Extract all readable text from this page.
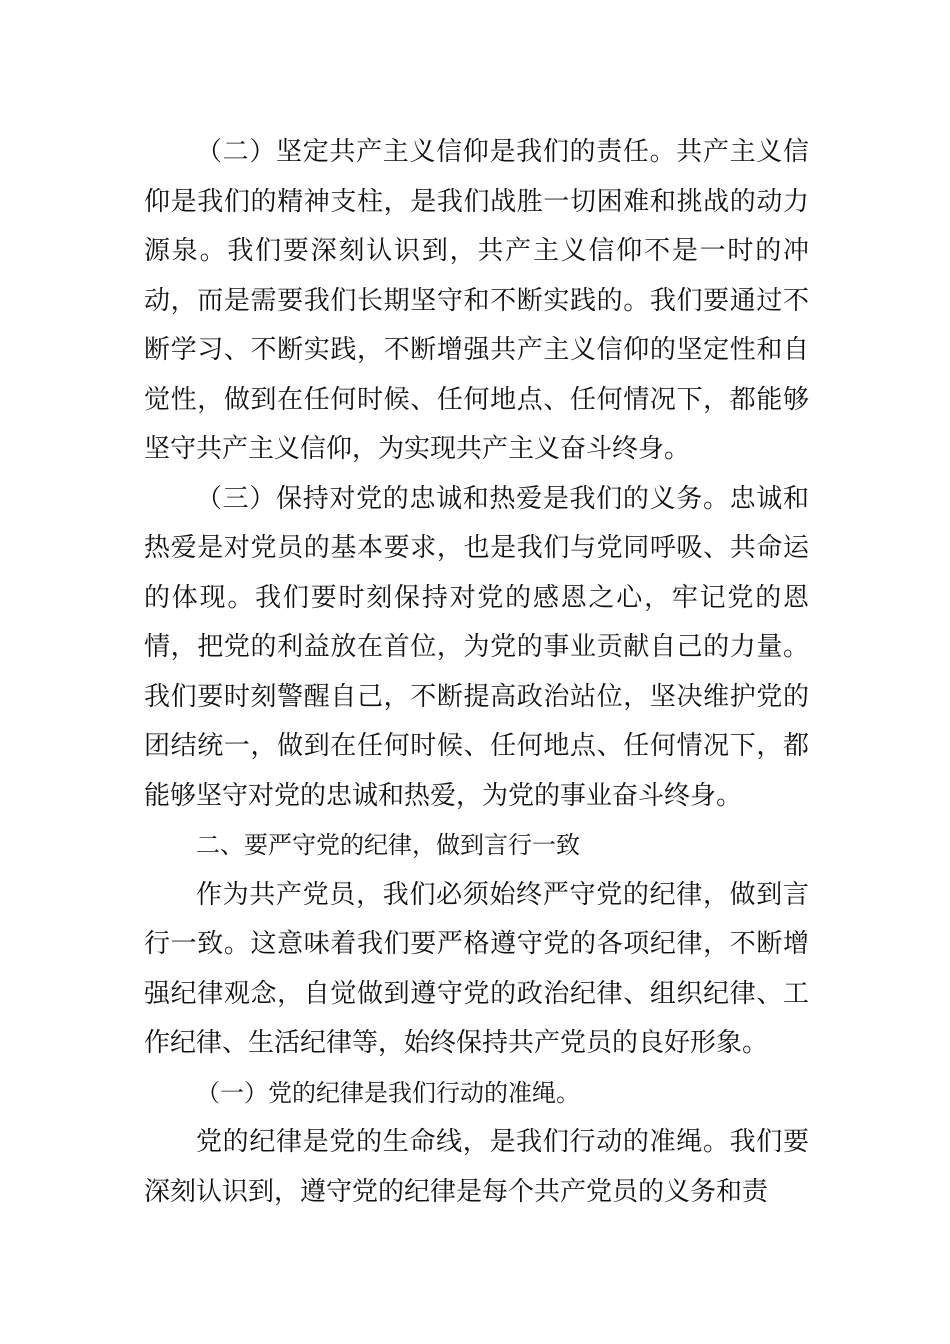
（二）坚定共产主义信仰是我们的责任。共产主义信仰是我们的精神支柱，是我们战胜一切困难和挑战的动力源泉。我们要深刻认识到，共产主义信仰不是一时的冲动，而是需要我们长期坚守和不断实践的。我们要通过不断学习、不断实践，不断增强共产主义信仰的坚定性和自觉性，做到在任何时候、任何地点、任何情况下，都能够坚守共产主义信仰，为实现共产主义奋斗终身。

（三）保持对党的忠诚和热爱是我们的义务。忠诚和热爱是对党员的基本要求，也是我们与党同呼吸、共命运的体现。我们要时刻保持对党的感恩之心，牢记党的恩情，把党的利益放在首位，为党的事业贡献自己的力量。我们要时刻警醒自己，不断提高政治站位，坚决维护党的团结统一，做到在任何时候、任何地点、任何情况下，都能够坚守对党的忠诚和热爱，为党的事业奋斗终身。

二、要严守党的纪律，做到言行一致

作为共产党员，我们必须始终严守党的纪律，做到言行一致。这意味着我们要严格遵守党的各项纪律，不断增强纪律观念，自觉做到遵守党的政治纪律、组织纪律、工作纪律、生活纪律等，始终保持共产党员的良好形象。

（一）党的纪律是我们行动的准绳。

党的纪律是党的生命线，是我们行动的准绳。我们要深刻认识到，遵守党的纪律是每个共产党员的义务和责
